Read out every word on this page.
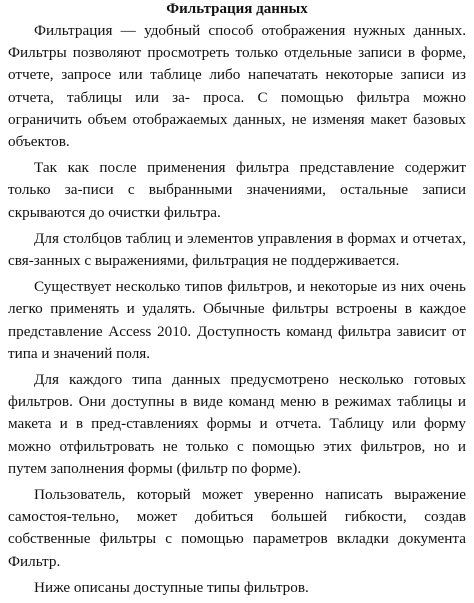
Фильтрация данных

Фильтрация — удобный способ отображения нужных данных. Фильтры позволяют просмотреть только отдельные записи в форме, отчете, запросе или таблице либо напечатать некоторые записи из отчета, таблицы или за- проса. С помощью фильтра можно ограничить объем отображаемых данных, не изменяя макет базовых объектов.

Так как после применения фильтра представление содержит только за-писи с выбранными значениями, остальные записи скрываются до очистки фильтра.

Для столбцов таблиц и элементов управления в формах и отчетах, свя-занных с выражениями, фильтрация не поддерживается.

Существует несколько типов фильтров, и некоторые из них очень легко применять и удалять. Обычные фильтры встроены в каждое представление Access 2010. Доступность команд фильтра зависит от типа и значений поля.

Для каждого типа данных предусмотрено несколько готовых фильтров. Они доступны в виде команд меню в режимах таблицы и макета и в пред-ставлениях формы и отчета. Таблицу или форму можно отфильтровать не только с помощью этих фильтров, но и путем заполнения формы (фильтр по форме).

Пользователь, который может уверенно написать выражение самостоя-тельно, может добиться большей гибкости, создав собственные фильтры с помощью параметров вкладки документа Фильтр.

Ниже описаны доступные типы фильтров.
